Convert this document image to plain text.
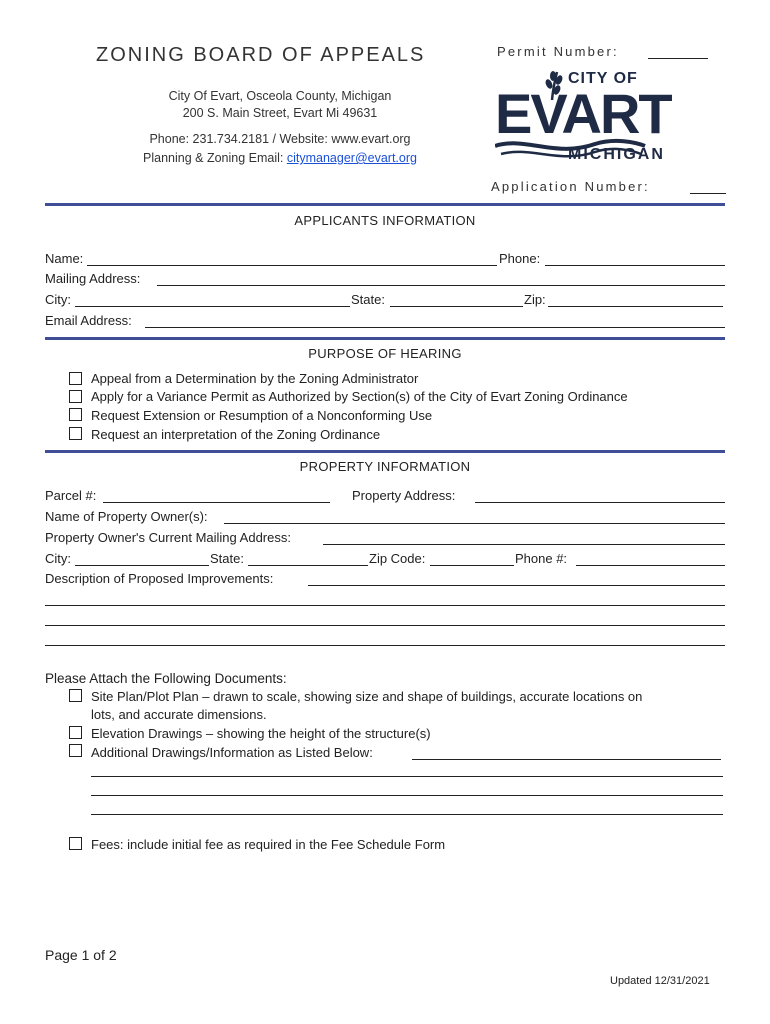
ZONING BOARD OF APPEALS
City Of Evart, Osceola County, Michigan
200 S. Main Street, Evart Mi 49631
Phone: 231.734.2181 / Website: www.evart.org
Planning & Zoning Email: citymanager@evart.org
Permit Number:
CITY OF
EVART
MICHIGAN
Application Number:
APPLICANTS INFORMATION
Name:	Phone:
Mailing Address:
City:	State:	Zip:
Email Address:
PURPOSE OF HEARING
Appeal from a Determination by the Zoning Administrator
Apply for a Variance Permit as Authorized by Section(s) of the City of Evart Zoning Ordinance
Request Extension or Resumption of a Nonconforming Use
Request an interpretation of the Zoning Ordinance
PROPERTY INFORMATION
Parcel #:	Property Address:
Name of Property Owner(s):
Property Owner's Current Mailing Address:
City:	State:	Zip Code:	Phone #:
Description of Proposed Improvements:
Please Attach the Following Documents:
Site Plan/Plot Plan – drawn to scale, showing size and shape of buildings, accurate locations on
lots, and accurate dimensions.
Elevation Drawings – showing the height of the structure(s)
Additional Drawings/Information as Listed Below:
Fees: include initial fee as required in the Fee Schedule Form
Page 1 of 2
Updated 12/31/2021
